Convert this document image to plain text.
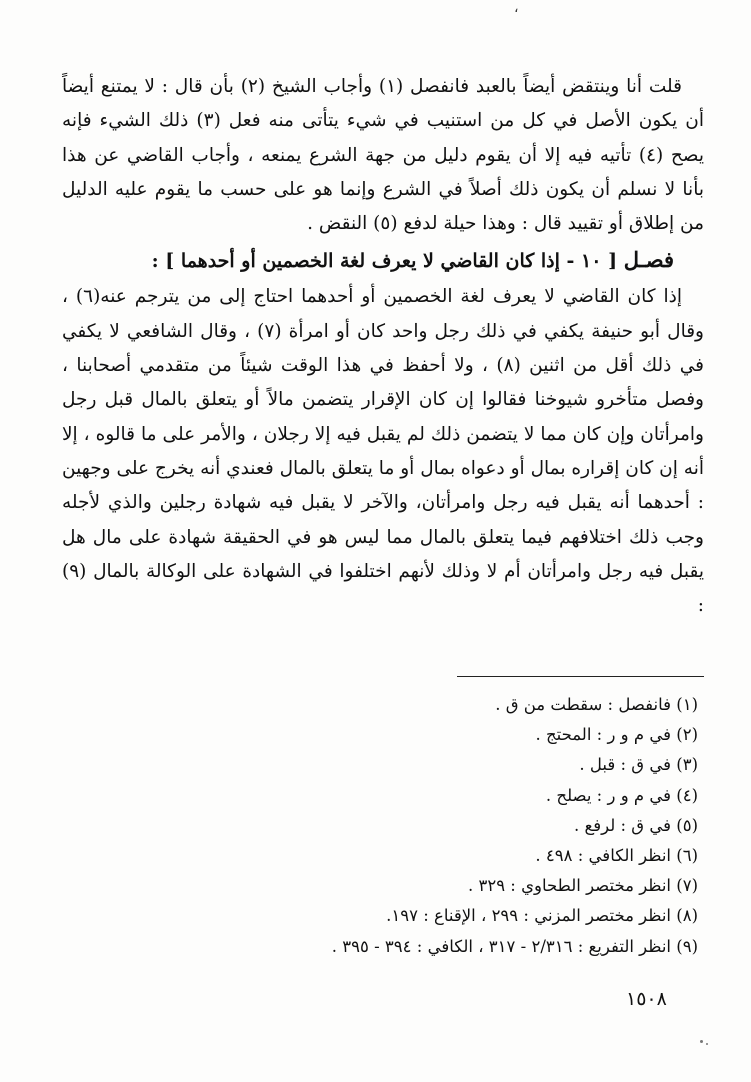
،

قلت أنا وينتقض أيضاً بالعبد فانفصل (١) وأجاب الشيخ (٢) بأن قال : لا يمتنع أيضاً أن يكون الأصل في كل من استنيب في شيء يتأتى منه فعل (٣) ذلك الشيء فإنه يصح (٤) تأتيه فيه إلا أن يقوم دليل من جهة الشرع يمنعه ، وأجاب القاضي عن هذا بأنا لا نسلم أن يكون ذلك أصلاً في الشرع وإنما هو على حسب ما يقوم عليه الدليل من إطلاق أو تقييد قال : وهذا حيلة لدفع (٥) النقض .

فصـل [ ١٠ - إذا كان القاضي لا يعرف لغة الخصمين أو أحدهما ] :

إذا كان القاضي لا يعرف لغة الخصمين أو أحدهما احتاج إلى من يترجم عنه(٦) ، وقال أبو حنيفة يكفي في ذلك رجل واحد كان أو امرأة (٧) ، وقال الشافعي لا يكفي في ذلك أقل من اثنين (٨) ، ولا أحفظ في هذا الوقت شيئاً من متقدمي أصحابنا ، وفصل متأخرو شيوخنا فقالوا إن كان الإقرار يتضمن مالاً أو يتعلق بالمال قبل رجل وامرأتان وإن كان مما لا يتضمن ذلك لم يقبل فيه إلا رجلان ، والأمر على ما قالوه ، إلا أنه إن كان إقراره بمال أو دعواه بمال أو ما يتعلق بالمال فعندي أنه يخرج على وجهين : أحدهما أنه يقبل فيه رجل وامرأتان، والآخر لا يقبل فيه شهادة رجلين والذي لأجله وجب ذلك اختلافهم فيما يتعلق بالمال مما ليس هو في الحقيقة شهادة على مال هل يقبل فيه رجل وامرأتان أم لا وذلك لأنهم اختلفوا في الشهادة على الوكالة بالمال (٩) :

(١) فانفصل : سقطت من ق .

(٢) في م و ر : المحتج .

(٣) في ق : قبل .

(٤) في م و ر : يصلح .

(٥) في ق : لرفع .

(٦) انظر الكافي : ٤٩٨ .

(٧) انظر مختصر الطحاوي : ٣٢٩ .

(٨) انظر مختصر المزني : ٢٩٩ ، الإقناع : ١٩٧.

(٩) انظر التفريع : ٢/٣١٦ - ٣١٧ ، الكافي : ٣٩٤ - ٣٩٥ .

١٥٠٨
